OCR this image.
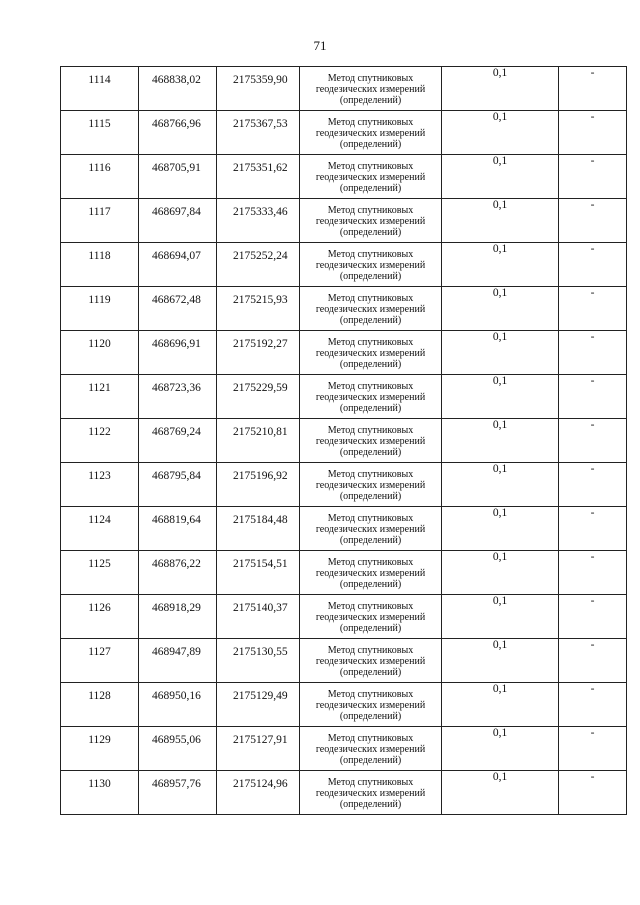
71
1114	468838,02	2175359,90	Метод спутниковых
геодезических измерений
(определений)	0,1	-
1115	468766,96	2175367,53	Метод спутниковых
геодезических измерений
(определений)	0,1	-
1116	468705,91	2175351,62	Метод спутниковых
геодезических измерений
(определений)	0,1	-
1117	468697,84	2175333,46	Метод спутниковых
геодезических измерений
(определений)	0,1	-
1118	468694,07	2175252,24	Метод спутниковых
геодезических измерений
(определений)	0,1	-
1119	468672,48	2175215,93	Метод спутниковых
геодезических измерений
(определений)	0,1	-
1120	468696,91	2175192,27	Метод спутниковых
геодезических измерений
(определений)	0,1	-
1121	468723,36	2175229,59	Метод спутниковых
геодезических измерений
(определений)	0,1	-
1122	468769,24	2175210,81	Метод спутниковых
геодезических измерений
(определений)	0,1	-
1123	468795,84	2175196,92	Метод спутниковых
геодезических измерений
(определений)	0,1	-
1124	468819,64	2175184,48	Метод спутниковых
геодезических измерений
(определений)	0,1	-
1125	468876,22	2175154,51	Метод спутниковых
геодезических измерений
(определений)	0,1	-
1126	468918,29	2175140,37	Метод спутниковых
геодезических измерений
(определений)	0,1	-
1127	468947,89	2175130,55	Метод спутниковых
геодезических измерений
(определений)	0,1	-
1128	468950,16	2175129,49	Метод спутниковых
геодезических измерений
(определений)	0,1	-
1129	468955,06	2175127,91	Метод спутниковых
геодезических измерений
(определений)	0,1	-
1130	468957,76	2175124,96	Метод спутниковых
геодезических измерений
(определений)	0,1	-
